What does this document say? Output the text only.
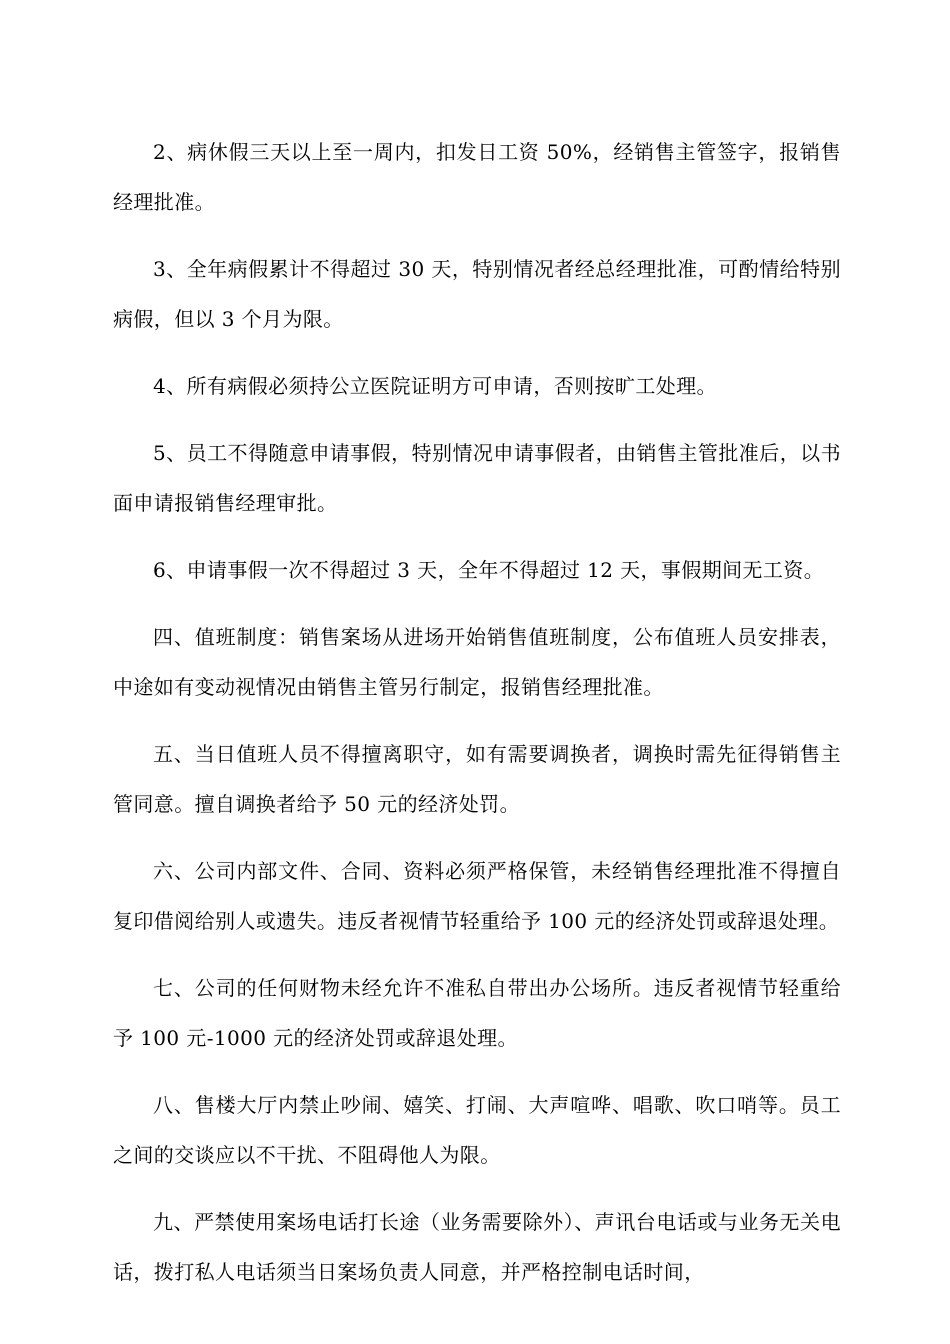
2、病休假三天以上至一周内，扣发日工资 50%，经销售主管签字，报销售经理批准。

3、全年病假累计不得超过 30 天，特别情况者经总经理批准，可酌情给特别病假，但以 3 个月为限。

4、所有病假必须持公立医院证明方可申请，否则按旷工处理。

5、员工不得随意申请事假，特别情况申请事假者，由销售主管批准后，以书面申请报销售经理审批。

6、申请事假一次不得超过 3 天，全年不得超过 12 天，事假期间无工资。

四、值班制度：销售案场从进场开始销售值班制度，公布值班人员安排表，中途如有变动视情况由销售主管另行制定，报销售经理批准。

五、当日值班人员不得擅离职守，如有需要调换者，调换时需先征得销售主管同意。擅自调换者给予 50 元的经济处罚。

六、公司内部文件、合同、资料必须严格保管，未经销售经理批准不得擅自复印借阅给别人或遗失。违反者视情节轻重给予 100 元的经济处罚或辞退处理。

七、公司的任何财物未经允许不准私自带出办公场所。违反者视情节轻重给予 100 元-1000 元的经济处罚或辞退处理。

八、售楼大厅内禁止吵闹、嬉笑、打闹、大声喧哗、唱歌、吹口哨等。员工之间的交谈应以不干扰、不阻碍他人为限。

九、严禁使用案场电话打长途（业务需要除外）、声讯台电话或与业务无关电话，拨打私人电话须当日案场负责人同意，并严格控制电话时间，
